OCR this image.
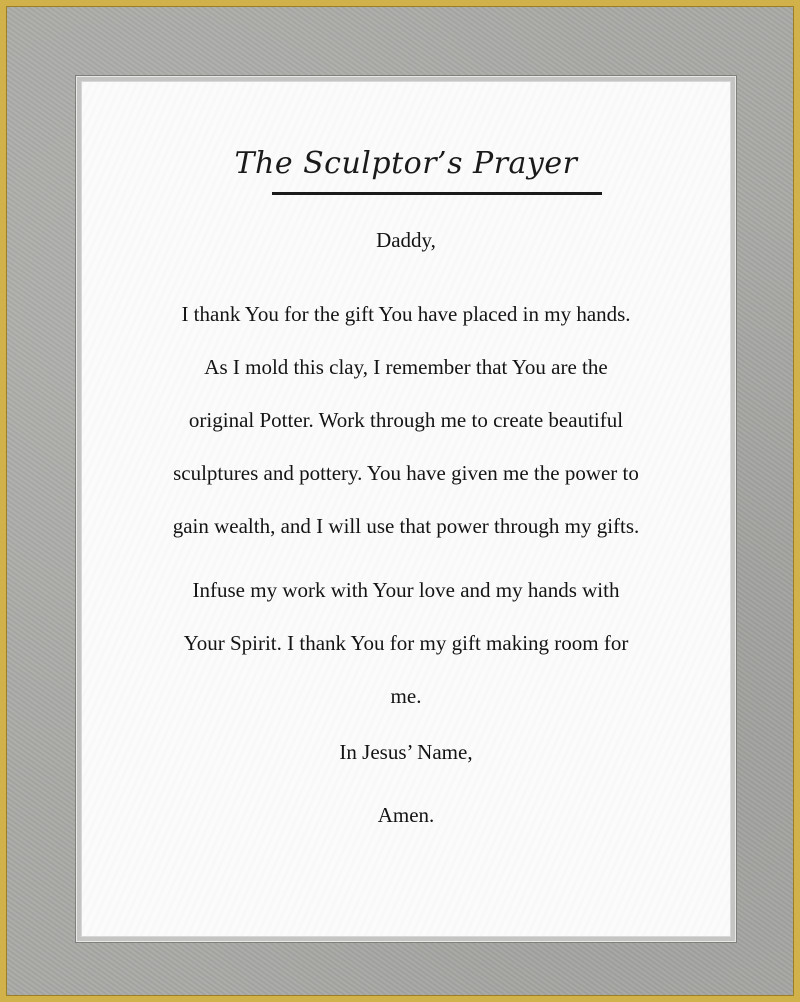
The Sculptor’s Prayer
Daddy,
I thank You for the gift You have placed in my hands.
As I mold this clay, I remember that You are the
original Potter. Work through me to create beautiful
sculptures and pottery. You have given me the power to
gain wealth, and I will use that power through my gifts.
Infuse my work with Your love and my hands with
Your Spirit. I thank You for my gift making room for
me.
In Jesus’ Name,
Amen.
